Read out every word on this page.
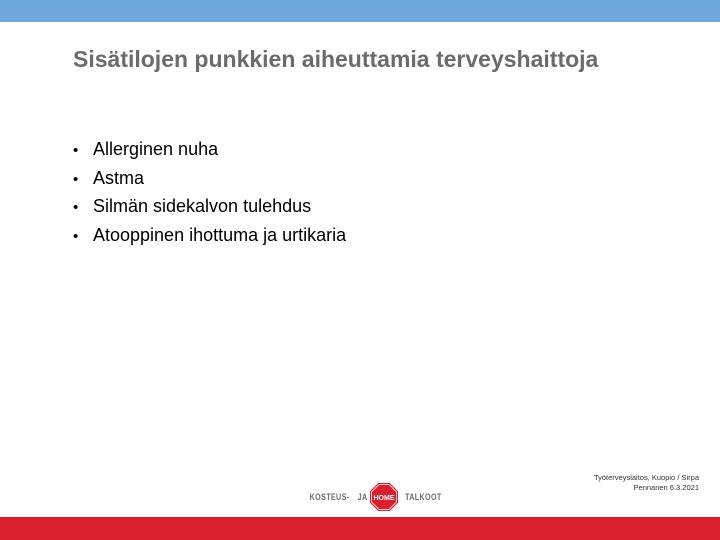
Sisätilojen punkkien aiheuttamia terveyshaittoja
• Allerginen nuha
• Astma
• Silmän sidekalvon tulehdus
• Atooppinen ihottuma ja urtikaria
Työterveyslaitos, Kuopio / Sirpa Pennanen 6.3.2021
KOSTEUS- JA HOME TALKOOT
